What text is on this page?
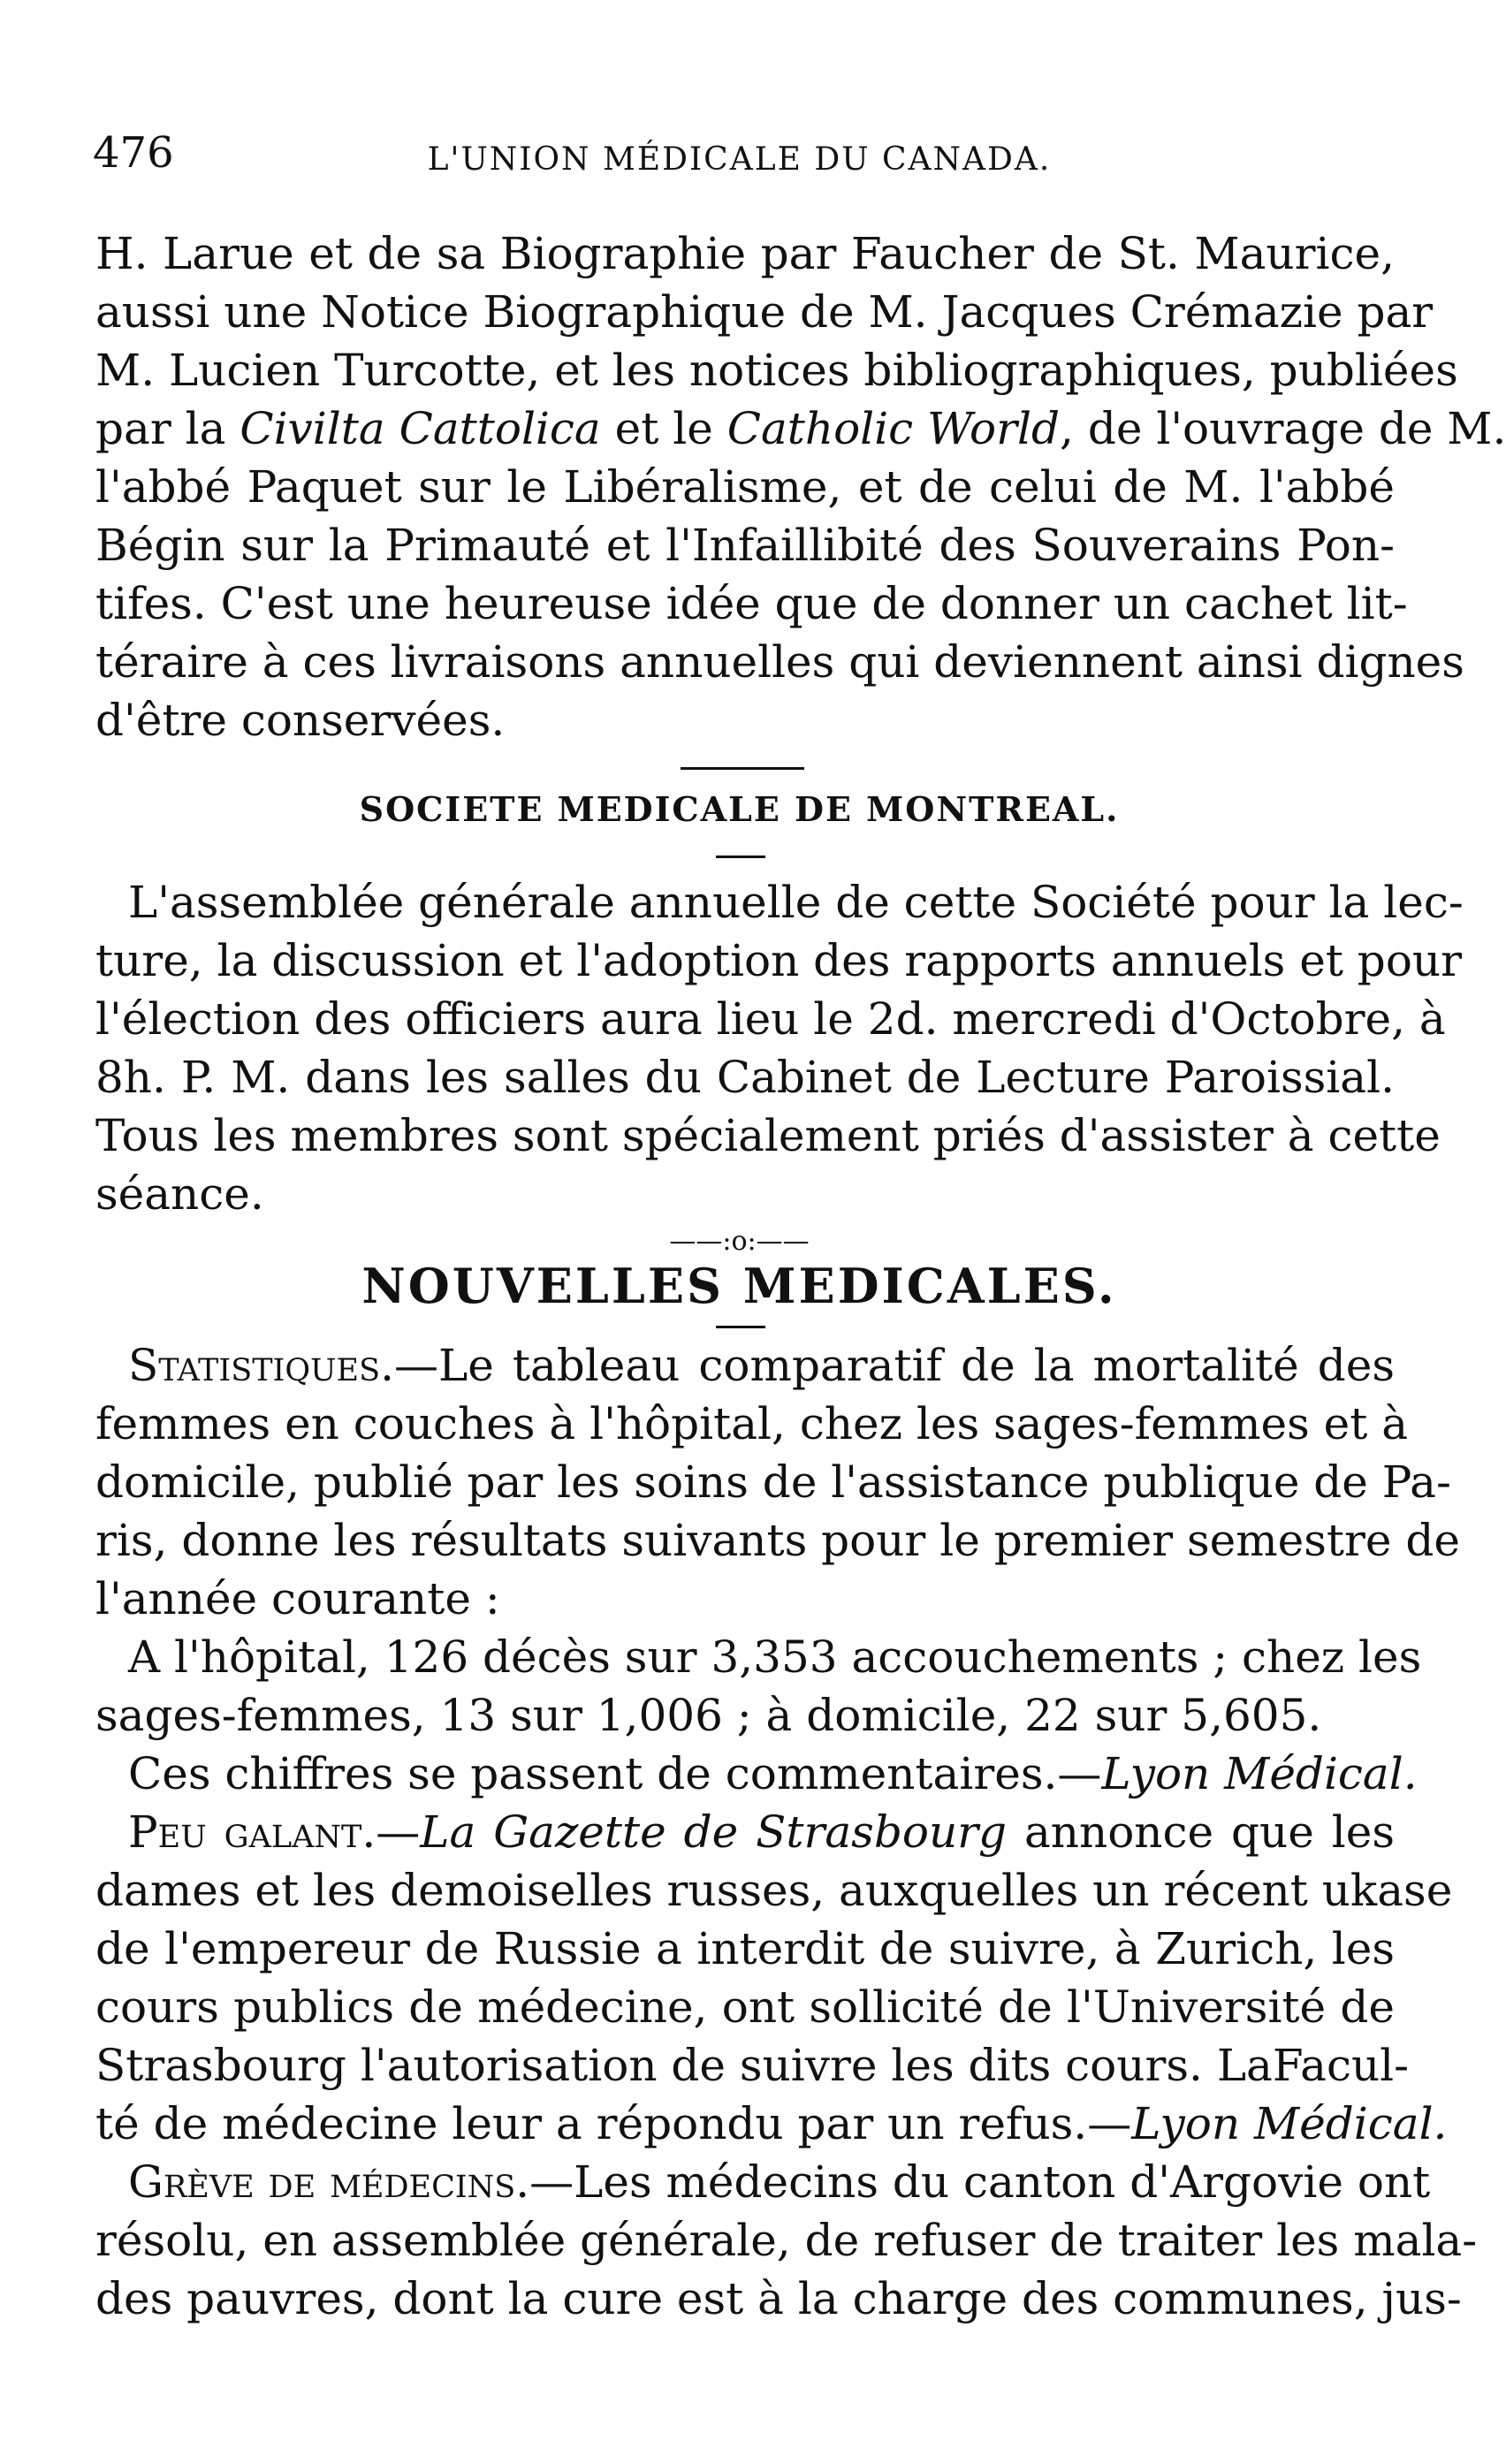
476	L'UNION MÉDICALE DU CANADA.
H. Larue et de sa Biographie par Faucher de St. Maurice,
aussi une Notice Biographique de M. Jacques Crémazie par
M. Lucien Turcotte, et les notices bibliographiques, publiées
par la Civilta Cattolica et le Catholic World, de l'ouvrage de M.
l'abbé Paquet sur le Libéralisme, et de celui de M. l'abbé
Bégin sur la Primauté et l'Infaillibité des Souverains Pon-
tifes. C'est une heureuse idée que de donner un cachet lit-
téraire à ces livraisons annuelles qui deviennent ainsi dignes
d'être conservées.
SOCIETE MEDICALE DE MONTREAL.
L'assemblée générale annuelle de cette Société pour la lec-
ture, la discussion et l'adoption des rapports annuels et pour
l'élection des officiers aura lieu le 2d. mercredi d'Octobre, à
8h. P. M. dans les salles du Cabinet de Lecture Paroissial.
Tous les membres sont spécialement priés d'assister à cette
séance.
——:o:——
NOUVELLES MEDICALES.
Statistiques.—Le tableau comparatif de la mortalité des
femmes en couches à l'hôpital, chez les sages-femmes et à
domicile, publié par les soins de l'assistance publique de Pa-
ris, donne les résultats suivants pour le premier semestre de
l'année courante :
A l'hôpital, 126 décès sur 3,353 accouchements ; chez les
sages-femmes, 13 sur 1,006 ; à domicile, 22 sur 5,605.
Ces chiffres se passent de commentaires.—Lyon Médical.
Peu galant.—La Gazette de Strasbourg annonce que les
dames et les demoiselles russes, auxquelles un récent ukase
de l'empereur de Russie a interdit de suivre, à Zurich, les
cours publics de médecine, ont sollicité de l'Université de
Strasbourg l'autorisation de suivre les dits cours. LaFacul-
té de médecine leur a répondu par un refus.—Lyon Médical.
Grève de médecins.—Les médecins du canton d'Argovie ont
résolu, en assemblée générale, de refuser de traiter les mala-
des pauvres, dont la cure est à la charge des communes, jus-
